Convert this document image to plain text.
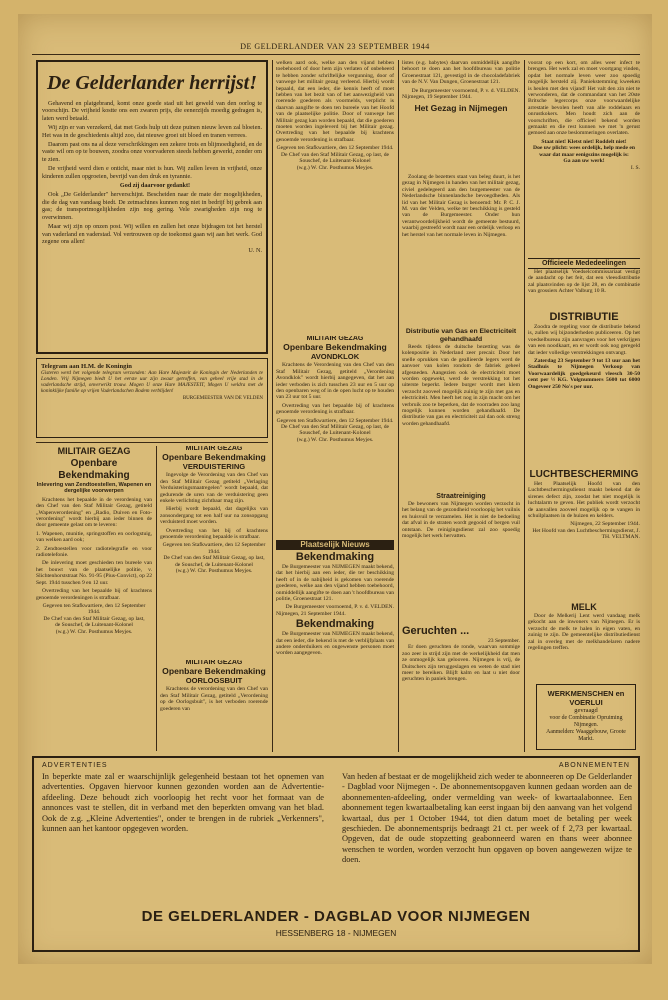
DE GELDERLANDER VAN 23 SEPTEMBER 1944
De Gelderlander herrijst!

Gehavend en platgebrand, komt onze goede stad uit het geweld van den oorlog te voorschijn. De vrijheid kostte ons een zwaren prijs, die eenerzijds moedig gedragen is, laten werd betaald.

Wij zijn er van verzekerd, dat met Gods hulp uit deze puinen nieuw leven zal bloeien. Het was in de geschiedenis altijd zoo, dat nieuwe groei uit bloed en tranen verrees.

Daarom past ons na al deze verschrikkingen een zekere trots en blijmoedigheid, en de vaste wil om op te bouwen, zoodra onze voorvaderen steeds hebben gewerkt, zonder om te zien.

De vrijheid werd dien e onticht, maar niet is hun. Wij zullen leven in vrijheid, onze kinderen zullen opgroeien, bevrijd van den druk en tyrannie.

God zij daarvoor gedankt!

Ook „De Gelderlander" herverschijnt. Bescheiden naar de mate der mogelijkheden, die de dag van vandaag biedt. De zetmachines kunnen nog niet in bedrijf bij gebrek aan gas; de transportmogelijkheden zijn nog gering. Vele zwarigheden zijn nog te overwinnen.

Maar wij zijn op onzen post. Wij willen en zullen het onze bijdragen tot het herstel van vaderland en vaderstad. Vol vertrouwen op de toekomst gaan wij aan het werk. God zegene ons allen!

U. N.
Telegram aan H.M. de Koningin
Gisteren werd het volgende telegram verzonden: Aan Hare Majesteit de Koningin der Nederlanden te Londen. Vrij Nijmegen biedt U het eerste uur zijn zwaar getroffen, van geheel vrije stad in de vaderlandsche strijd, onverwrikt trouw. Mogen U onze Hare MAJESTEIT, Mogen U weldra met de koninklijke familie op vrijen Vaderlandschen Bodem verblijden!
BURGEMEESTER VAN DE VELDEN
MILITAIR GEZAG
Openbare Bekendmaking
Inlevering van Zendtoestellen, Wapenen en dergelijke voorwerpen

Krachtens het bepaalde in de verordening van den Chef van den Staf Militair Gezag, getiteld „Wapenverordening" en „Radio, Duiven en Foto-verordening" wordt hierbij aan ieder binnen de door gemeente gelast om te leveren:

1. Wapenen, munitie, springstoffen en oorlogstuig, van welken aard ook;

2. Zendtoestellen voor radiotelegrafie en voor radiotelefonie.

De inlevering moet geschieden ten bureele van het bouwt van de plaatselijke politie, v. Slichtenhorststraat No. 91-95 (Pius-Convict), op 22 Sept. 1944 tusschen 9 en 12 uur.

Overtreding van het bepaalde bij of krachtens genoemde verordeningen is strafbaar.

Gegeven ten Stafkwartiere, den 12 September 1944.
De Chef van den Staf Militair Gezag, op last,
de Souschef, de Luitenant-Kolonel
(w.g.) W. Chr. Posthumus Meyjes.
MILITAIR GEZAG
Openbare Bekendmaking
VERDUISTERING

Ingevolge de Verordening van den Chef van den Staf Militair Gezag getiteld „Verlaging Verduisteringsmaatregelen" wordt bepaald, dat gedurende de uren van de verduistering geen enkele verlichting zichtbaar mag zijn.

Hierbij wordt bepaald, dat dagelijks van zonsondergang tot een half uur na zonsopgang verduisterd moet worden.

Overtreding van het bij of krachtens genoemde verordening bepaalde is strafbaar.

Gegeven ten Stafkwartiere, den 12 September 1944.
De Chef van den Staf Militair Gezag, op last,
de Souschef, de Luitenant-Kolonel
(w.g.) W. Chr. Posthumus Meyjes.
MILITAIR GEZAG
Openbare Bekendmaking
OORLOGSBUIT

Krachtens de verordening van den Chef van den Staf Militair Gezag, getiteld „Verordening op de Oorlogsbuit", is het verboden roerende goederen van

welken aard ook, welke aan den vijand hebben toebehoord of door hem zijn verlaten of onbeheerd te hebben zonder schriftelijke vergunning, door of vanwege het militair gezag verleend. Hierbij wordt bepaald, dat een ieder, die kennis heeft of moet hebben van het bezit van of het aanwezigheid van roerende goederen als voormelds, verplicht is daarvan aangifte te doen ten bureele van het Hoofd van de plaatselijke politie. Door of vanwege het Militair gezag kan worden bepaald, dat die goederen moeten worden ingeleverd bij het Militair gezag. Overtreding van het bepaalde bij krachtens genoemde verordening is strafbaar.

Gegeven ten Stafkwartiere, den 12 September 1944.
De Chef van den Staf Militair Gezag, op last, de Souschef, de Luitenant-Kolonel
(w.g.) W. Chr. Posthumus Meyjes.
MILITAIR GEZAG
Openbare Bekendmaking
AVONDKLOK

Krachtens de Verordening van den Chef van den Staf Militair Gezag, getiteld „Verordening Avondklok" wordt hierbij aangegeven, dat het aan ieder verboden is zich tusschen 23 uur en 5 uur op den openbaren weg of in de open lucht op te houden van 23 uur tot 5 uur.

Overtreding van het bepaalde bij of krachtens genoemde verordening is strafbaar.

Gegeven ten Stafkwartiere, den 12 September 1944.
De Chef van den Staf Militair Gezag, op last, de Souschef, de Luitenant-Kolonel
(w.g.) W. Chr. Posthumus Meyjes.
Plaatselijk Nieuws
Bekendmaking

De Burgemeester van NIJMEGEN maakt bekend, dat het hierbij aan een ieder, die ter beschikking heeft of in de nabijheid is gekomen van roerende goederen, welke aan den vijand hebben toebehoord, onmiddellijk aangifte te doen aan 't hoofdbureau van politie, Groenestraat 121.

De Burgemeester voornoemd, P. v. d. VELDEN.
Nijmegen, 21 September 1944.
Bekendmaking

De Burgemeester van NIJMEGEN maakt bekend, dat een ieder, die bekend is met de verblijfplaats van andere onderduikers en ongewenste personen moet worden aangegeven.

listes (e.g. babytes) daarvan onmiddellijk aangifte behoort te doen aan het hoofdbureau van politie Groenestraat 121, gevestigd in de chocoladefabriek van de N.V. Van Dungen, Groenestraat 121.

De Burgemeester voornoemd, P. v. d. VELDEN.
Nijmegen, 19 September 1944.
Het Gezag in Nijmegen

Zoolang de bezetters staat van beleg duurt, is het gezag in Nijmegen in handen van het militair gezag, civiel gedelegeerd aan den burgemeester van de Nederlandsche binnenlandsche bevoegdheden. Als lid van het Militair Gezag is benoemd: Mr. P. C. J. M. van der Velden, welke ter beschikking is gesteld van de Burgemeester. Onder hun verantwoordelijkheid wordt de gemeente bestuurd, waarbij gestreefd wordt naar een ordelijk verloop en het herstel van het normale leven in Nijmegen.

Distributie van Gas en Electriciteit gehandhaafd

Reeds tijdens de duitsche bezetting was de kolenpositie in Nederland zeer precair. Door het snelle oprukken van de geallieerde legers werd de aanvoer van kolen rondom de fabriek geheel afgesneden. Aangezien ook de electriciteit moet worden opgewekt, werd de verstrekking tot het uiterste beperkt. Iedere burger wordt met klem verzocht zooveel mogelijk zuinig te zijn met gas en electriciteit. Men heeft het nog in zijn macht om het verbruik zoo te beperken, dat de voorraden zoo lang mogelijk kunnen worden gehandhaafd. De distributie van gas en electriciteit zal dan ook streng worden gehandhaafd.

Straatreiniging

De bewoners van Nijmegen worden verzocht in het belang van de gezondheid voorloopig het vuilnis en huisvuil te verzamelen. Het is niet de bedoeling dat afval in de straten wordt gegooid of bergen vuil ontstaan. De reinigingsdienst zal zoo spoedig mogelijk het werk hervatten.

Geruchten ...
23 September.

Er doen geruchten de ronde, waarvan sommige zoo zeer in strijd zijn met de werkelijkheid dat men ze onmogelijk kan gelooven. Nijmegen is vrij, de Duitschers zijn teruggeslagen en weten de stad niet meer te bereiken. Blijft kalm en laat u niet door geruchten in paniek brengen.

voorat op een kort, om alles weer infect te brengen. Het werk zal en moet voortgang vinden, opdat het normale leven weer zoo spoedig mogelijk hersteld zij. Paniekstemming kweeken is heulen met den vijand! Het valt den zin niet te verwonderen, dat de commandant van het 20ste Britsche legercorps onze voorwaardelijke arrestatie bevolen heeft van alle roddelaars en onrustkokers. Men houdt zich aan de voorschriften, die officieel bekend worden gemaakt en die rest kunnen we met 'n gerust gemoed aan onze beslommeringen overlaten.

Staat niet! Kletst niet! Roddelt niet!
Doe uw plicht: wees ordelijk, help mede en waar dat maar eenigszins mogelijk is:
Ga aan uw werk!
I. S.
Officieele Mededeelingen

Het plaatselijk Voedselcommissariaat vestigt de aandacht op het feit, dat een vleesdistributie zal plaatsvinden op de lijst 28, en de combinatie van grossiers Achter Valburg 10 R.

DISTRIBUTIE

Zoodra de regeling voor de distributie bekend is, zullen wij bijzonderheden publiceeren. Op het voedselbureau zijn aanvragen voor het verkrijgen van een noodkaart, en er wordt ook nog geregeld dat ieder volledige verstrekkingen ontvangt.

Zaterdag 23 September 9 tot 13 uur aan het Stadhuis te Nijmegen Verkoop van Voorwaardelijk goedgekeurd vleesch 30-50 cent per ½ KG. Volgnummers 5600 tot 6000 Ongeveer 250 No's per uur.

LUCHTBESCHERMING

Het Plaatselijk Hoofd van den Luchtbeschermingsdienst maakt bekend dat de sirenes defect zijn, zoodat het niet mogelijk is luchtalarm te geven. Het publiek wordt verzocht de aanvallen zooveel mogelijk op te vangen in schuilplaatsen in de huizen en kelders.

Nijmegen, 22 September 1944.
Het Hoofd van den Luchtbeschermingsdienst, J. TH. VELTMAN.
MELK

Door de Melkerij Lent werd vandaag melk gekocht aan de inwoners van Nijmegen. Er is verzocht de melk te halen in eigen vaten, en zuinig te zijn. De gemeentelijke distributiedienst zal in overleg met de melkhandelaren nadere regelingen treffen.

WERKMENSCHEN en VOERLUI
gevraagd
voor de Combinatie Opruiming Nijmegen.
Aanmelden: Waaggebouw, Groote Markt.
ADVERTENTIES	ABONNEMENTEN
In beperkte mate zal er waarschijnlijk gelegenheid bestaan tot het opnemen van advertenties. Opgaven hiervoor kunnen gezonden worden aan de Advertentie-afdeeling. Deze behoudt zich voorloopig het recht voor het formaat van de annonces vast te stellen, dit in verband met den beperkten omvang van het blad. Ook de z.g. „Kleine Advertenties", onder te brengen in de rubriek „Verkenners", kunnen aan het kantoor opgegeven worden.
Van heden af bestaat er de mogelijkheid zich weder te abonneeren op De Gelderlander - Dagblad voor Nijmegen -. De abonnementsopgaven kunnen gedaan worden aan de abonnementen-afdeeling, onder vermelding van week- of kwartaalabonnee. Een abonnement tegen kwartaalbetaling kan eerst ingaan bij den aanvang van het volgend kwartaal, dus per 1 October 1944, tot dien datum moet de betaling per week geschieden. De abonnementsprijs bedraagt 21 ct. per week of f 2,73 per kwartaal. Opgeven, dat de oude stopzetting geabonneerd waren en thans weer abonnee wenschen te worden, worden verzocht hun opgaven op boven aangewezen wijze te doen.
DE GELDERLANDER - DAGBLAD VOOR NIJMEGEN
HESSENBERG 18 - NIJMEGEN
